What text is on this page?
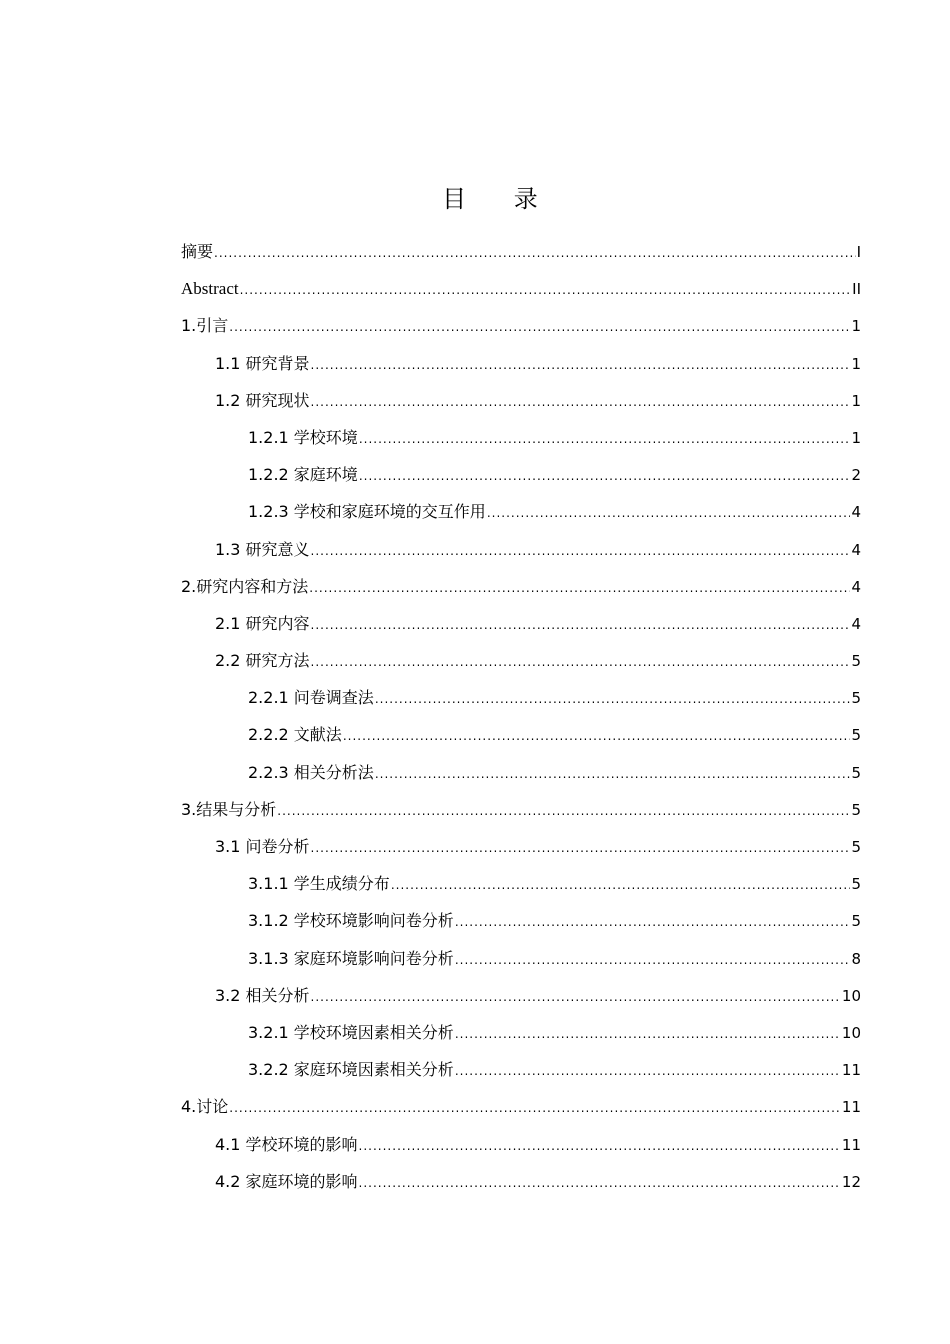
目 录
摘要 .....	I
Abstract .....	II
1.引言 .....	1
1.1 研究背景 .....	1
1.2 研究现状 .....	1
1.2.1 学校环境 .....	1
1.2.2 家庭环境 .....	2
1.2.3 学校和家庭环境的交互作用 .....	4
1.3 研究意义 .....	4
2.研究内容和方法 .....	4
2.1 研究内容 .....	4
2.2 研究方法 .....	5
2.2.1 问卷调查法 .....	5
2.2.2 文献法 .....	5
2.2.3 相关分析法 .....	5
3.结果与分析 .....	5
3.1 问卷分析 .....	5
3.1.1 学生成绩分布 .....	5
3.1.2 学校环境影响问卷分析 .....	5
3.1.3 家庭环境影响问卷分析 .....	8
3.2 相关分析 .....	10
3.2.1 学校环境因素相关分析 .....	10
3.2.2 家庭环境因素相关分析 .....	11
4.讨论 .....	11
4.1 学校环境的影响 .....	11
4.2 家庭环境的影响 .....	12
